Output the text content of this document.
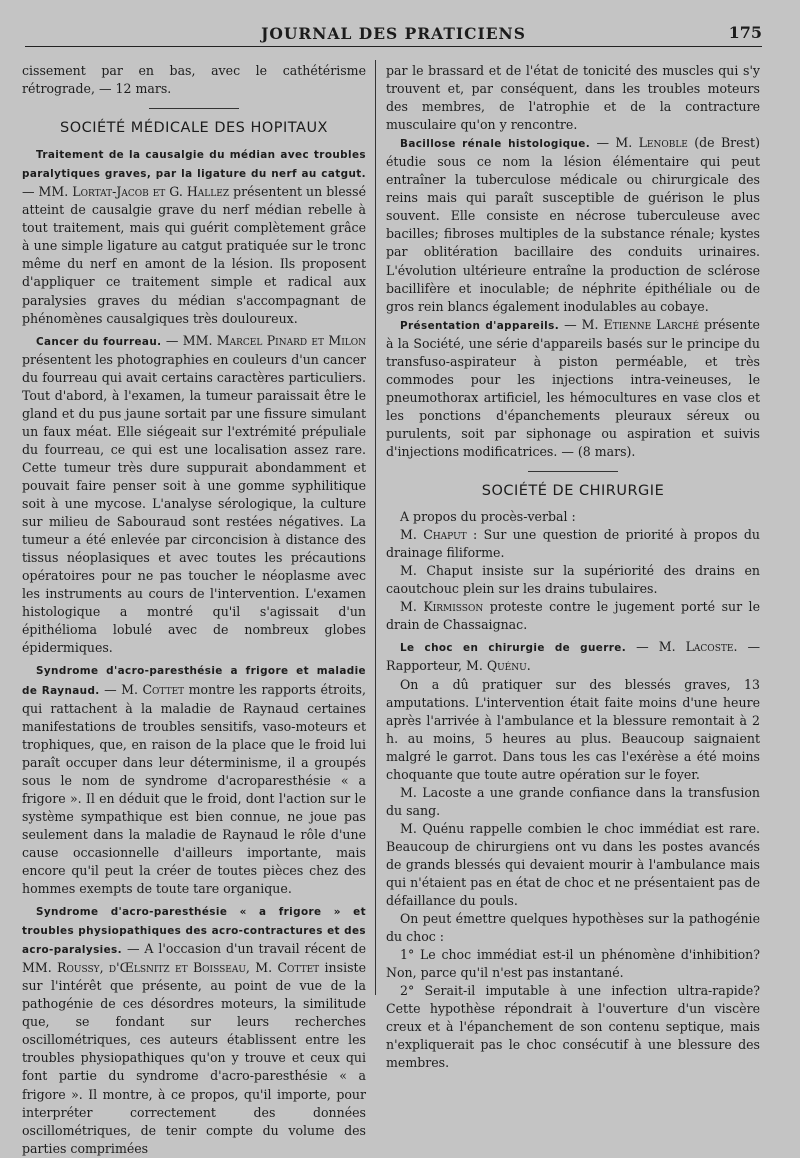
JOURNAL DES PRATICIENS	175

cissement par en bas, avec le cathétérisme rétrograde, — 12 mars.

SOCIÉTÉ MÉDICALE DES HOPITAUX

Traitement de la causalgie du médian avec troubles paralytiques graves, par la ligature du nerf au catgut. — MM. Lortat-Jacob et G. Hallez présentent un blessé atteint de causalgie grave du nerf médian rebelle à tout traitement, mais qui guérit complètement grâce à une simple ligature au catgut pratiquée sur le tronc même du nerf en amont de la lésion. Ils proposent d'appliquer ce traitement simple et radical aux paralysies graves du médian s'accompagnant de phénomènes causalgiques très douloureux.

Cancer du fourreau. — MM. Marcel Pinard et Milon présentent les photographies en couleurs d'un cancer du fourreau qui avait certains caractères particuliers. Tout d'abord, à l'examen, la tumeur paraissait être le gland et du pus jaune sortait par une fissure simulant un faux méat. Elle siégeait sur l'extrémité prépuliale du fourreau, ce qui est une localisation assez rare. Cette tumeur très dure suppurait abondamment et pouvait faire penser soit à une gomme syphilitique soit à une mycose. L'analyse sérologique, la culture sur milieu de Sabouraud sont restées négatives. La tumeur a été enlevée par circoncision à distance des tissus néoplasiques et avec toutes les précautions opératoires pour ne pas toucher le néoplasme avec les instruments au cours de l'intervention. L'examen histologique a montré qu'il s'agissait d'un épithélioma lobulé avec de nombreux globes épidermiques.

Syndrome d'acro-paresthésie a frigore et maladie de Raynaud. — M. Cottet montre les rapports étroits, qui rattachent à la maladie de Raynaud certaines manifestations de troubles sensitifs, vaso-moteurs et trophiques, que, en raison de la place que le froid lui paraît occuper dans leur déterminisme, il a groupés sous le nom de syndrome d'acroparesthésie « a frigore ». Il en déduit que le froid, dont l'action sur le système sympathique est bien connue, ne joue pas seulement dans la maladie de Raynaud le rôle d'une cause occasionnelle d'ailleurs importante, mais encore qu'il peut la créer de toutes pièces chez des hommes exempts de toute tare organique.

Syndrome d'acro-paresthésie « a frigore » et troubles physiopathiques des acro-contractures et des acro-paralysies. — A l'occasion d'un travail récent de MM. Roussy, d'Œlsnitz et Boisseau, M. Cottet insiste sur l'intérêt que présente, au point de vue de la pathogénie de ces désordres moteurs, la similitude que, se fondant sur leurs recherches oscillométriques, ces auteurs établissent entre les troubles physiopathiques qu'on y trouve et ceux qui font partie du syndrome d'acro-paresthésie « a frigore ». Il montre, à ce propos, qu'il importe, pour interpréter correctement des données oscillométriques, de tenir compte du volume des parties comprimées

par le brassard et de l'état de tonicité des muscles qui s'y trouvent et, par conséquent, dans les troubles moteurs des membres, de l'atrophie et de la contracture musculaire qu'on y rencontre.

Bacillose rénale histologique. — M. Lenoble (de Brest) étudie sous ce nom la lésion élémentaire qui peut entraîner la tuberculose médicale ou chirurgicale des reins mais qui paraît susceptible de guérison le plus souvent. Elle consiste en nécrose tuberculeuse avec bacilles; fibroses multiples de la substance rénale; kystes par oblitération bacillaire des conduits urinaires. L'évolution ultérieure entraîne la production de sclérose bacillifère et inoculable; de néphrite épithéliale ou de gros rein blancs également inodulables au cobaye.

Présentation d'appareils. — M. Etienne Larché présente à la Société, une série d'appareils basés sur le principe du transfuso-aspirateur à piston perméable, et très commodes pour les injections intra-veineuses, le pneumothorax artificiel, les hémocultures en vase clos et les ponctions d'épanchements pleuraux séreux ou purulents, soit par siphonage ou aspiration et suivis d'injections modificatrices. — (8 mars).

SOCIÉTÉ DE CHIRURGIE

A propos du procès-verbal :

M. Chaput : Sur une question de priorité à propos du drainage filiforme.

M. Chaput insiste sur la supériorité des drains en caoutchouc plein sur les drains tubulaires.

M. Kirmisson proteste contre le jugement porté sur le drain de Chassaignac.

Le choc en chirurgie de guerre. — M. Lacoste. — Rapporteur, M. Quénu.

On a dû pratiquer sur des blessés graves, 13 amputations. L'intervention était faite moins d'une heure après l'arrivée à l'ambulance et la blessure remontait à 2 h. au moins, 5 heures au plus. Beaucoup saignaient malgré le garrot. Dans tous les cas l'exérèse a été moins choquante que toute autre opération sur le foyer.

M. Lacoste a une grande confiance dans la transfusion du sang.

M. Quénu rappelle combien le choc immédiat est rare. Beaucoup de chirurgiens ont vu dans les postes avancés de grands blessés qui devaient mourir à l'ambulance mais qui n'étaient pas en état de choc et ne présentaient pas de défaillance du pouls.

On peut émettre quelques hypothèses sur la pathogénie du choc :

1° Le choc immédiat est-il un phénomène d'inhibition? Non, parce qu'il n'est pas instantané.

2° Serait-il imputable à une infection ultra-rapide? Cette hypothèse répondrait à l'ouverture d'un viscère creux et à l'épanchement de son contenu septique, mais n'expliquerait pas le choc consécutif à une blessure des membres.
